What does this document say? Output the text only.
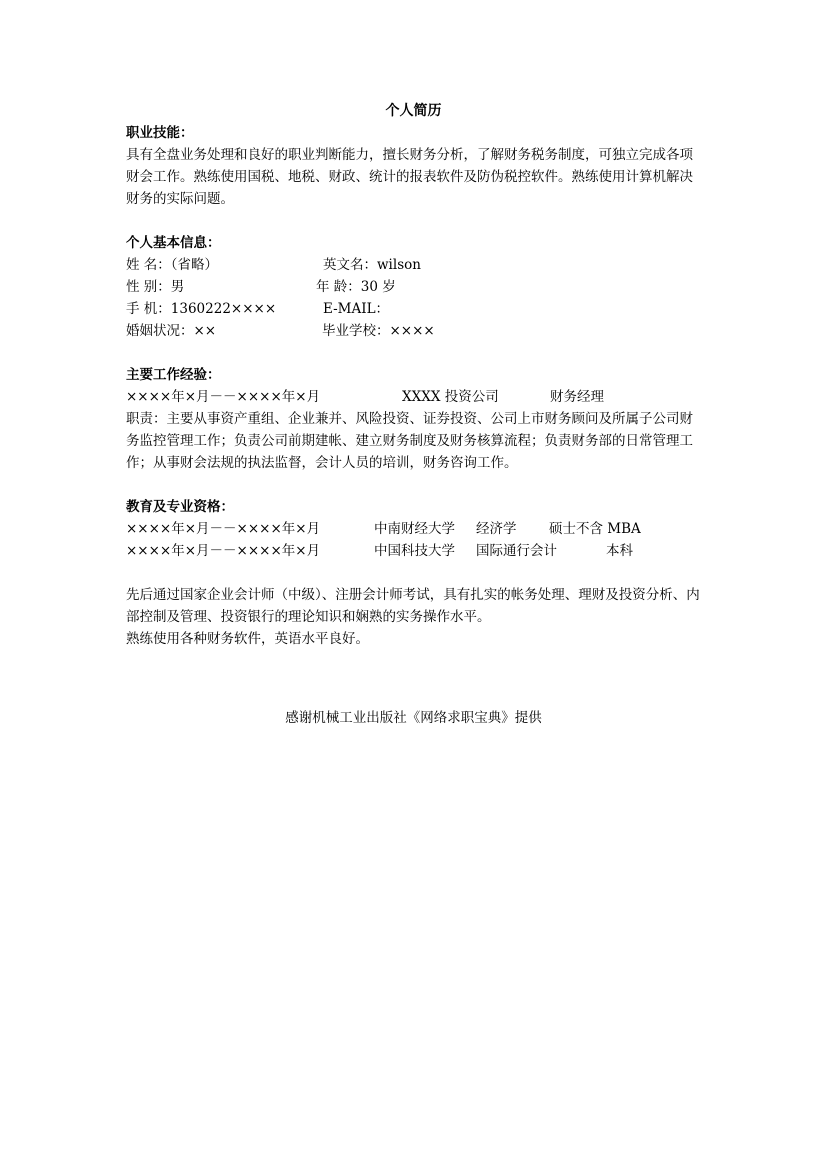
个人简历
职业技能：
具有全盘业务处理和良好的职业判断能力，擅长财务分析，了解财务税务制度，可独立完成各项财会工作。熟练使用国税、地税、财政、统计的报表软件及防伪税控软件。熟练使用计算机解决财务的实际问题。
个人基本信息：
姓 名：（省略）	英文名：wilson
性 别：男	年 龄：30 岁
手 机：1360222××××	E-MAIL：
婚姻状况：××	毕业学校：××××
主要工作经验：
××××年×月－－××××年×月	XXXX 投资公司	财务经理
职责：主要从事资产重组、企业兼并、风险投资、证券投资、公司上市财务顾问及所属子公司财务监控管理工作；负责公司前期建帐、建立财务制度及财务核算流程；负责财务部的日常管理工作；从事财会法规的执法监督，会计人员的培训，财务咨询工作。
教育及专业资格：
××××年×月－－××××年×月	中南财经大学 经济学 硕士不含 MBA
××××年×月－－××××年×月	中国科技大学 国际通行会计	本科
先后通过国家企业会计师（中级）、注册会计师考试，具有扎实的帐务处理、理财及投资分析、内部控制及管理、投资银行的理论知识和娴熟的实务操作水平。
熟练使用各种财务软件，英语水平良好。
感谢机械工业出版社《网络求职宝典》提供
